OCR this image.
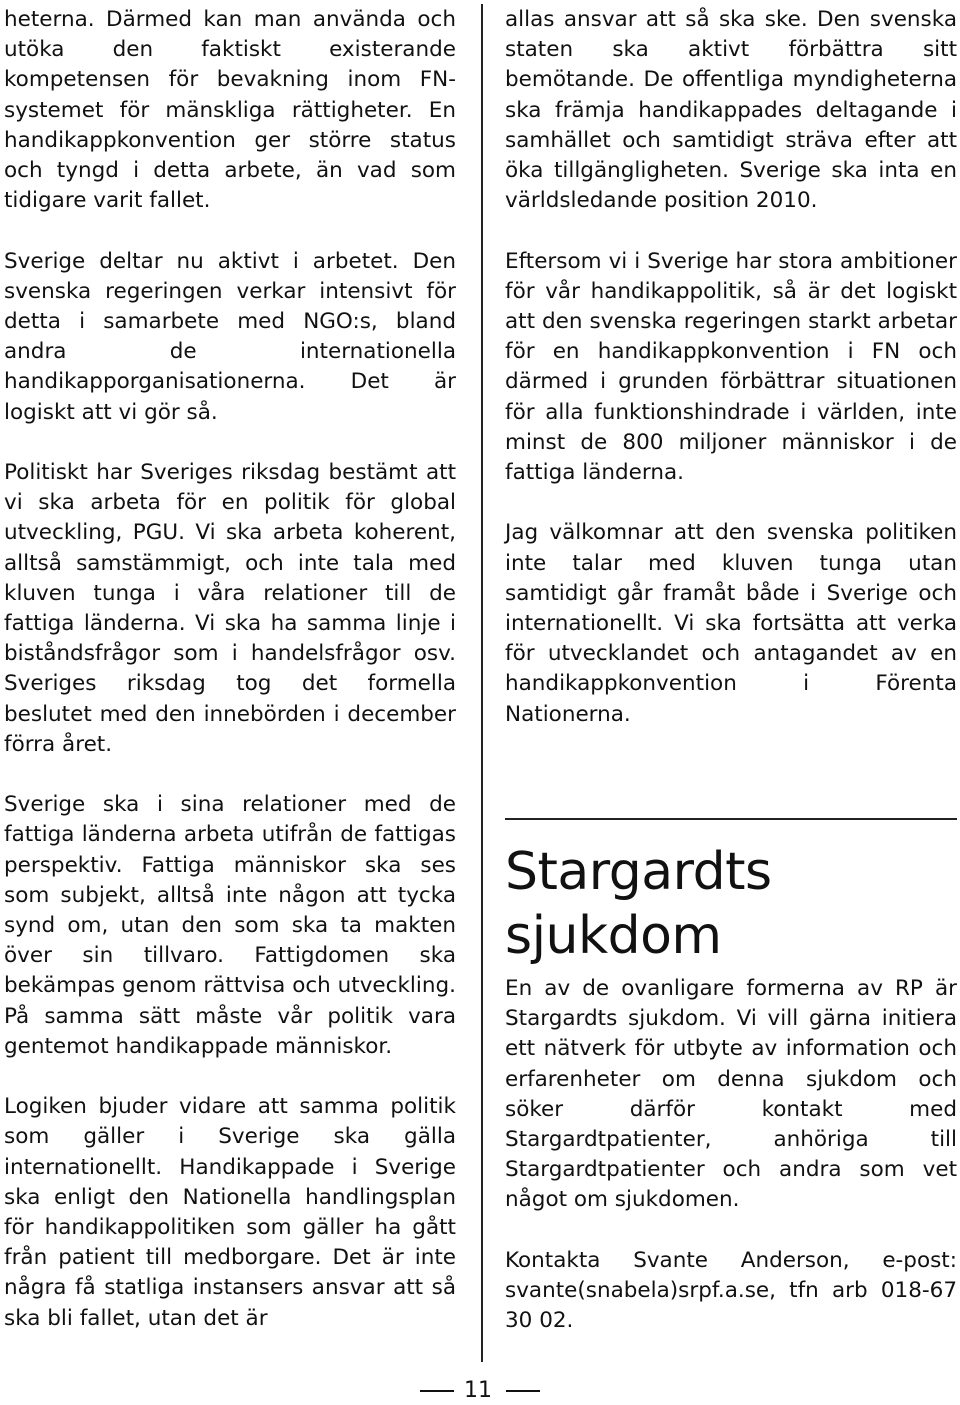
heterna. Därmed kan man använda och utöka den faktiskt existerande kompetensen för bevakning inom FN-systemet för mänskliga rättigheter. En handikappkonvention ger större status och tyngd i detta arbete, än vad som tidigare varit fallet.

Sverige deltar nu aktivt i arbetet. Den svenska regeringen verkar intensivt för detta i samarbete med NGO:s, bland andra de internationella handikapporganisationerna. Det är logiskt att vi gör så.

Politiskt har Sveriges riksdag bestämt att vi ska arbeta för en politik för global utveckling, PGU. Vi ska arbeta koherent, alltså samstämmigt, och inte tala med kluven tunga i våra relationer till de fattiga länderna. Vi ska ha samma linje i biståndsfrågor som i handelsfrågor osv. Sveriges riksdag tog det formella beslutet med den innebörden i december förra året.

Sverige ska i sina relationer med de fattiga länderna arbeta utifrån de fattigas perspektiv. Fattiga människor ska ses som subjekt, alltså inte någon att tycka synd om, utan den som ska ta makten över sin tillvaro. Fattigdomen ska bekämpas genom rättvisa och utveckling. På samma sätt måste vår politik vara gentemot handikappade människor.

Logiken bjuder vidare att samma politik som gäller i Sverige ska gälla internationellt. Handikappade i Sverige ska enligt den Nationella handlingsplan för handikappolitiken som gäller ha gått från patient till medborgare. Det är inte några få statliga instansers ansvar att så ska bli fallet, utan det är

allas ansvar att så ska ske. Den svenska staten ska aktivt förbättra sitt bemötande. De offentliga myndigheterna ska främja handikappades deltagande i samhället och samtidigt sträva efter att öka tillgängligheten. Sverige ska inta en världsledande position 2010.

Eftersom vi i Sverige har stora ambitioner för vår handikappolitik, så är det logiskt att den svenska regeringen starkt arbetar för en handikappkonvention i FN och därmed i grunden förbättrar situationen för alla funktionshindrade i världen, inte minst de 800 miljoner människor i de fattiga länderna.

Jag välkomnar att den svenska politiken inte talar med kluven tunga utan samtidigt går framåt både i Sverige och internationellt. Vi ska fortsätta att verka för utvecklandet och antagandet av en handikappkonvention i Förenta Nationerna.

Stargardts sjukdom

En av de ovanligare formerna av RP är Stargardts sjukdom. Vi vill gärna initiera ett nätverk för utbyte av information och erfarenheter om denna sjukdom och söker därför kontakt med Stargardtpatienter, anhöriga till Stargardtpatienter och andra som vet något om sjukdomen.

Kontakta Svante Anderson, e-post: svante(snabela)srpf.a.se, tfn arb 018-67 30 02.

11
